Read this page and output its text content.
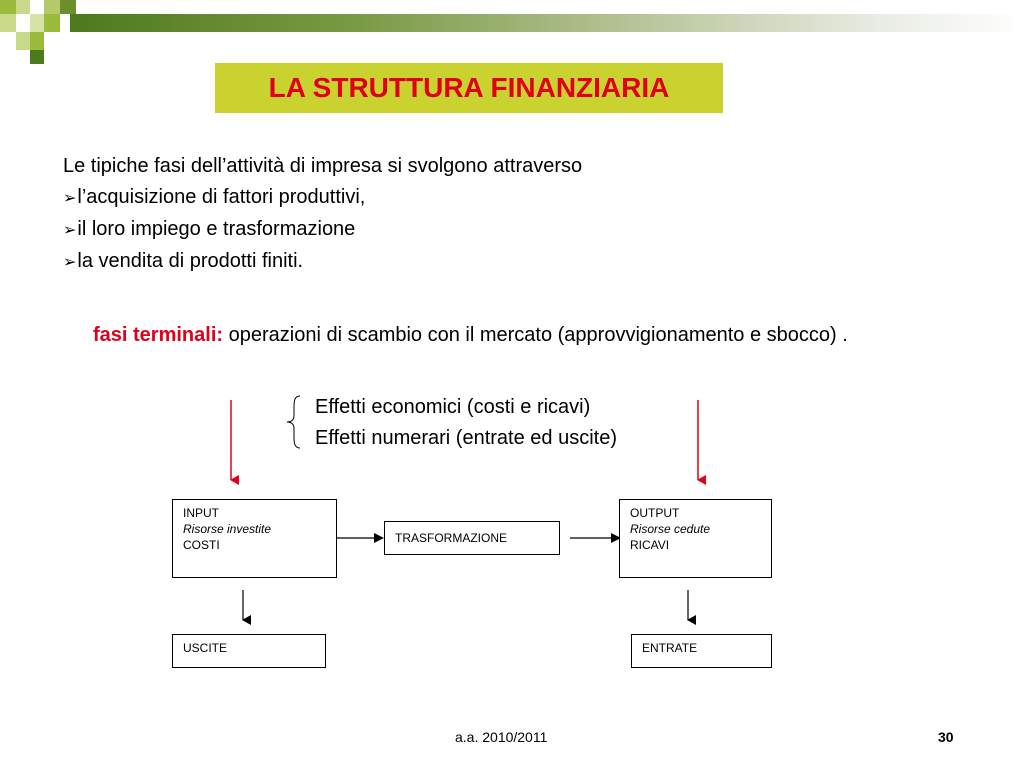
LA STRUTTURA FINANZIARIA
Le tipiche fasi dell’attività di impresa si svolgono attraverso
➢ l’acquisizione di fattori produttivi,
➢ il loro impiego e trasformazione
➢ la vendita di prodotti finiti.
fasi terminali: operazioni di scambio con il mercato (approvvigionamento e sbocco) .
Effetti economici (costi e ricavi)
Effetti numerari (entrate ed uscite)
INPUT
Risorse investite
COSTI	TRASFORMAZIONE
OUTPUT
Risorse cedute
RICAVI
USCITE	ENTRATE
a.a. 2010/2011	30
